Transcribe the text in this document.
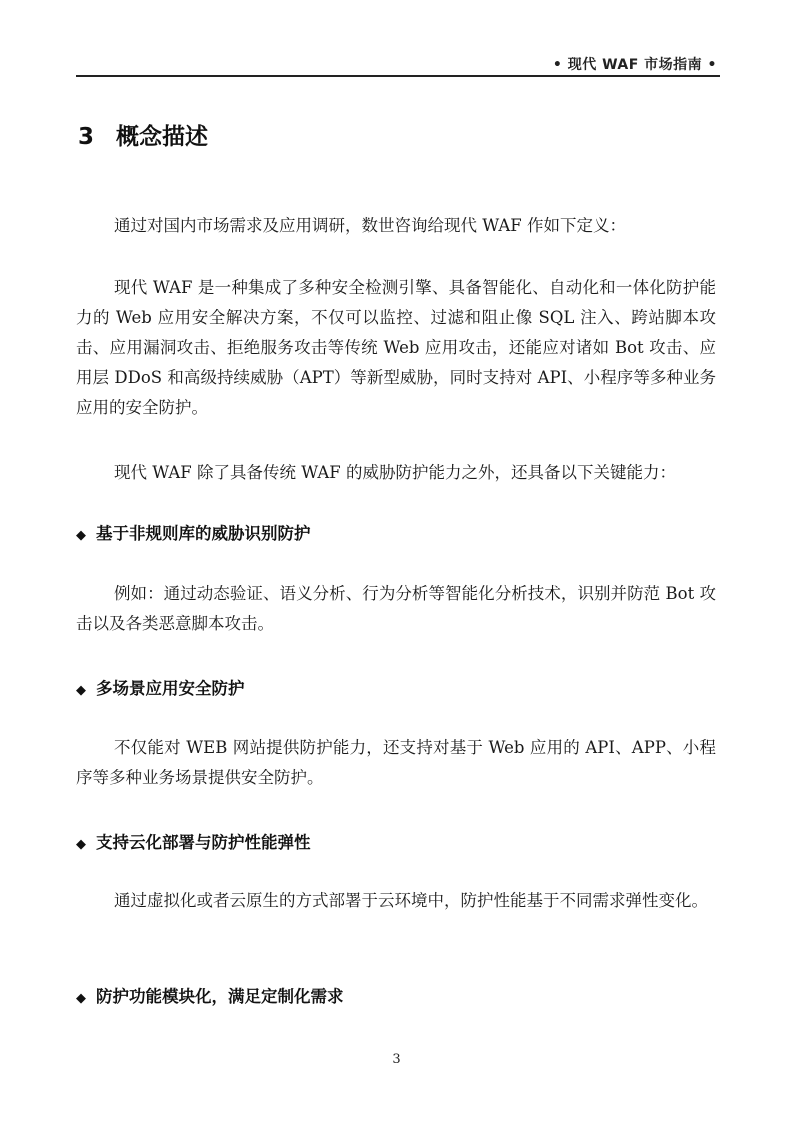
• 现代 WAF 市场指南 •
3 概念描述

通过对国内市场需求及应用调研，数世咨询给现代 WAF 作如下定义：

现代 WAF 是一种集成了多种安全检测引擎、具备智能化、自动化和一体化防护能力的 Web 应用安全解决方案，不仅可以监控、过滤和阻止像 SQL 注入、跨站脚本攻击、应用漏洞攻击、拒绝服务攻击等传统 Web 应用攻击，还能应对诸如 Bot 攻击、应用层 DDoS 和高级持续威胁（APT）等新型威胁，同时支持对 API、小程序等多种业务应用的安全防护。

现代 WAF 除了具备传统 WAF 的威胁防护能力之外，还具备以下关键能力：

◆ 基于非规则库的威胁识别防护

例如：通过动态验证、语义分析、行为分析等智能化分析技术，识别并防范 Bot 攻击以及各类恶意脚本攻击。

◆ 多场景应用安全防护

不仅能对 WEB 网站提供防护能力，还支持对基于 Web 应用的 API、APP、小程序等多种业务场景提供安全防护。

◆ 支持云化部署与防护性能弹性

通过虚拟化或者云原生的方式部署于云环境中，防护性能基于不同需求弹性变化。

◆ 防护功能模块化，满足定制化需求
3
